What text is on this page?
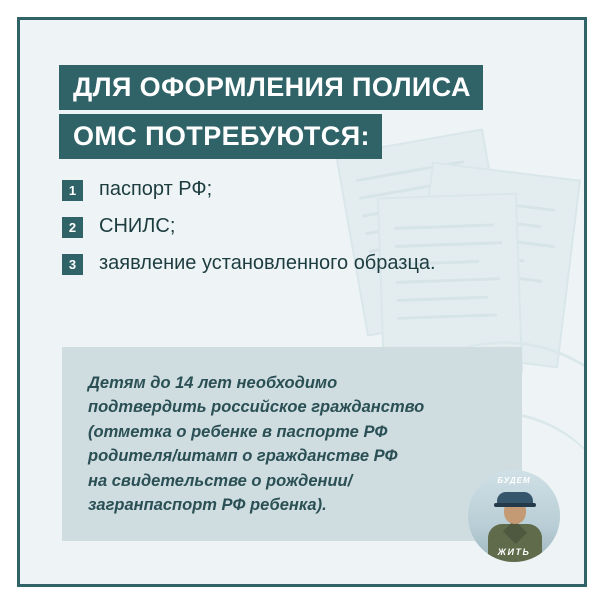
ДЛЯ ОФОРМЛЕНИЯ ПОЛИСА
ОМС ПОТРЕБУЮТСЯ:
1	паспорт РФ;
2	СНИЛС;
3	заявление установленного образца.

Детям до 14 лет необходимо

подтвердить российское гражданство

(отметка о ребенке в паспорте РФ

родителя/штамп о гражданстве РФ

на свидетельстве о рождении/

загранпаспорт РФ ребенка).

БУДЕМ
ЖИТЬ
